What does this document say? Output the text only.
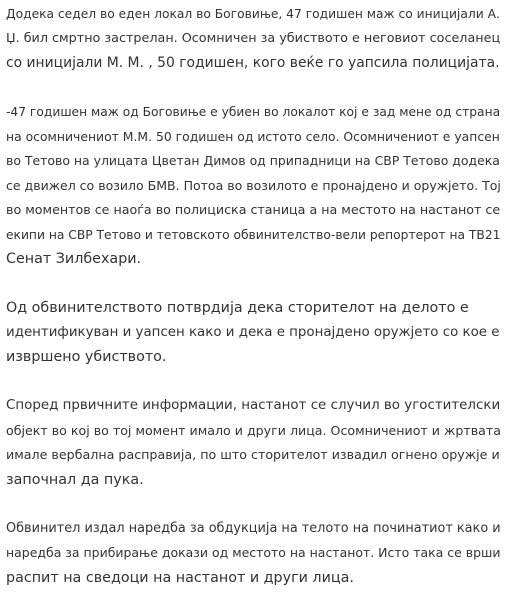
Додека седел во еден локал во Боговиње, 47 годишен маж со иницијали А.
Џ. бил смртно застрелан. Осомничен за убиството е неговиот соселанец
со иницијали М. М. , 50 годишен, кого веќе го уапсила полицијата.

-47 годишен маж од Боговиње е убиен во локалот кој е зад мене од страна
на осомничениот М.М. 50 годишен од истото село. Осомничениот е уапсен
во Тетово на улицата Цветан Димов од припадници на СВР Тетово додека
се движел со возило БМВ. Потоа во возилото е пронајдено и оружјето. Тој
во моментов се наоѓа во полициска станица а на местото на настанот се
екипи на СВР Тетово и тетовското обвинителство-вели репортерот на ТВ21
Сенат Зилбехари.

Од обвинителството потврдија дека сторителот на делото е
идентификуван и уапсен како и дека е пронајдено оружјето со кое е
извршено убиството.

Според првичните информации, настанот се случил во угостителски
објект во кој во тој момент имало и други лица. Осомничениот и жртвата
имале вербална расправија, по што сторителот извадил огнено оружје и
започнал да пука.

Обвинител издал наредба за обдукција на телото на починатиот како и
наредба за прибирање докази од местото на настанот. Исто така се врши
распит на сведоци на настанот и други лица.
